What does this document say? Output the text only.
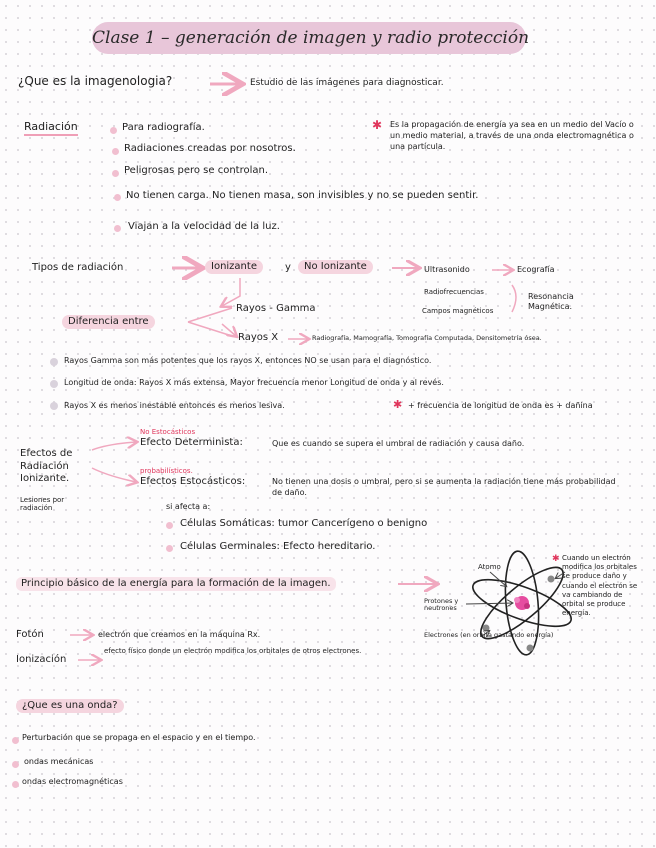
Clase 1 – generación de imagen y radio protección
¿Que es la imagenologia?	Estudio de las imágenes para diagnosticar.
Radiación	Para radiografía.
Radiaciones creadas por nosotros.
Peligrosas pero se controlan.
No tienen carga. No tienen masa, son invisibles y no se pueden sentir.
Viajan a la velocidad de la luz.
✱ Es la propagación de energía ya sea en un medio del Vacío o un medio material, a través de una onda electromagnética o una partícula.
Tipos de radiación	Ionizante	y	No Ionizante	Ultrasonido	Ecografía
Radiofrecuencias
Campos magnéticos
Resonancia Magnética.
Diferencia entre
Rayos - Gamma
Rayos X	Radiografía, Mamografía, Tomografía Computada, Densitometría ósea.
Rayos Gamma son más potentes que los rayos X, entonces NO se usan para el diagnóstico.
Longitud de onda: Rayos X más extensa, Mayor frecuencia menor Longitud de onda y al revés.
Rayos X es menos inestable entonces es menos lesiva.	✱ + frecuencia de longitud de onda es + dañina
Efectos de Radiación Ionizante.
Lesiones por radiación
No Estocásticos
Efecto Determinista:	Que es cuando se supera el umbral de radiación y causa daño.
probabilísticos.
Efectos Estocásticos:	No tienen una dosis o umbral, pero si se aumenta la radiación tiene más probabilidad de daño.
si afecta a:
Células Somáticas: tumor Cancerígeno o benigno
Células Germinales: Efecto hereditario.
Principio básico de la energía para la formación de la imagen.
Atomo
Protones y neutrones
Electrones (en orbita gastando energía)
✱ Cuando un electrón modifica los orbitales se produce daño y cuando el electrón se va cambiando de orbital se produce energía.
Fotón	electrón que creamos en la máquina Rx.
Ionización
efecto físico donde un electrón modifica los orbitales de otros electrones.
¿Que es una onda?
Perturbación que se propaga en el espacio y en el tiempo.
ondas mecánicas
ondas electromagnéticas
